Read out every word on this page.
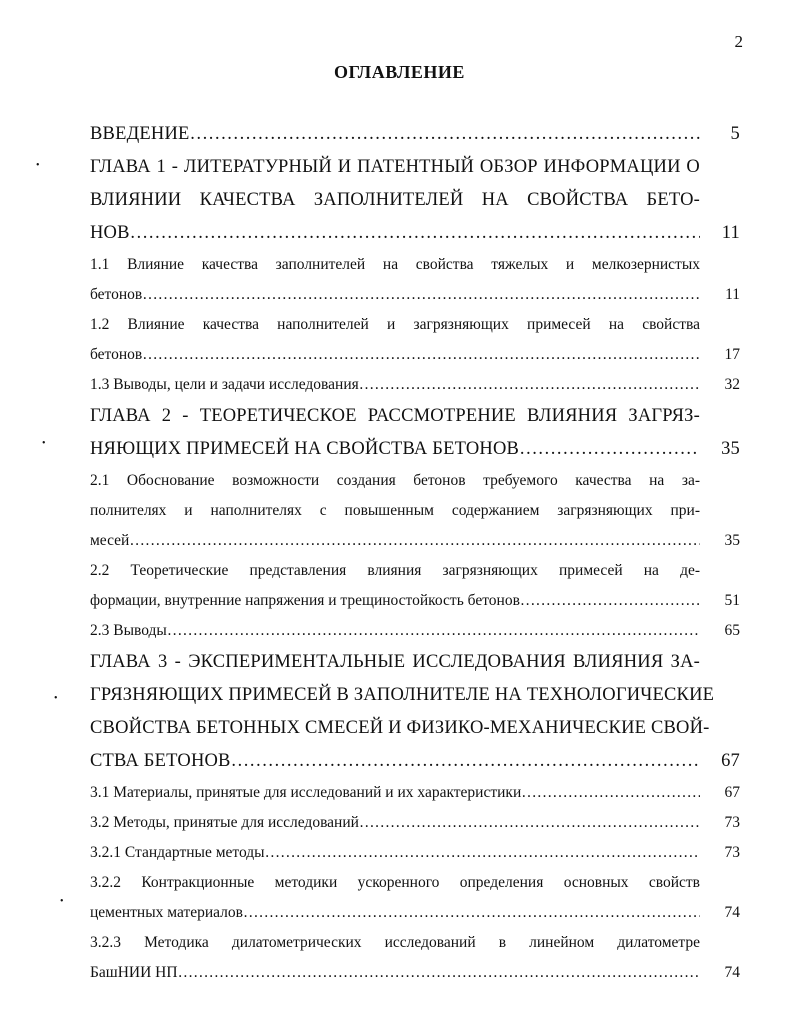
2
ОГЛАВЛЕНИЕ
•
•
•
•
ВВЕДЕНИЕ ………………………………………………………………………………………………………………………………………………………………………………………………	5
ГЛАВА 1 - ЛИТЕРАТУРНЫЙ И ПАТЕНТНЫЙ ОБЗОР ИНФОРМАЦИИ О
ВЛИЯНИИ КАЧЕСТВА ЗАПОЛНИТЕЛЕЙ НА СВОЙСТВА БЕТО-
НОВ ………………………………………………………………………………………………………………………………………………………………………………………………	11
1.1 Влияние качества заполнителей на свойства тяжелых и мелкозернистых
бетонов ………………………………………………………………………………………………………………………………………………………………………………………………	11
1.2 Влияние качества наполнителей и загрязняющих примесей на свойства
бетонов ………………………………………………………………………………………………………………………………………………………………………………………………	17
1.3 Выводы, цели и задачи исследования ………………………………………………………………………………………………………………………………………………………………………………………………	32
ГЛАВА 2 - ТЕОРЕТИЧЕСКОЕ РАССМОТРЕНИЕ ВЛИЯНИЯ ЗАГРЯЗ-
НЯЮЩИХ ПРИМЕСЕЙ НА СВОЙСТВА БЕТОНОВ ………………………………………………………………………………………………………………………………………………………………………………………………	35
2.1 Обоснование возможности создания бетонов требуемого качества на за-
полнителях и наполнителях с повышенным содержанием загрязняющих при-
месей ………………………………………………………………………………………………………………………………………………………………………………………………	35
2.2 Теоретические представления влияния загрязняющих примесей на де-
формации, внутренние напряжения и трещиностойкость бетонов ………………………………………………………………………………………………………………………………………………………………………………………………	51
2.3 Выводы ………………………………………………………………………………………………………………………………………………………………………………………………	65
ГЛАВА 3 - ЭКСПЕРИМЕНТАЛЬНЫЕ ИССЛЕДОВАНИЯ ВЛИЯНИЯ ЗА-
ГРЯЗНЯЮЩИХ ПРИМЕСЕЙ В ЗАПОЛНИТЕЛЕ НА ТЕХНОЛОГИЧЕСКИЕ
СВОЙСТВА БЕТОННЫХ СМЕСЕЙ И ФИЗИКО-МЕХАНИЧЕСКИЕ СВОЙ-
СТВА БЕТОНОВ ………………………………………………………………………………………………………………………………………………………………………………………………	67
3.1 Материалы, принятые для исследований и их характеристики ………………………………………………………………………………………………………………………………………………………………………………………………	67
3.2 Методы, принятые для исследований ………………………………………………………………………………………………………………………………………………………………………………………………	73
3.2.1 Стандартные методы ………………………………………………………………………………………………………………………………………………………………………………………………	73
3.2.2 Контракционные методики ускоренного определения основных свойств
цементных материалов ………………………………………………………………………………………………………………………………………………………………………………………………	74
3.2.3 Методика дилатометрических исследований в линейном дилатометре
БашНИИ НП ………………………………………………………………………………………………………………………………………………………………………………………………	74
